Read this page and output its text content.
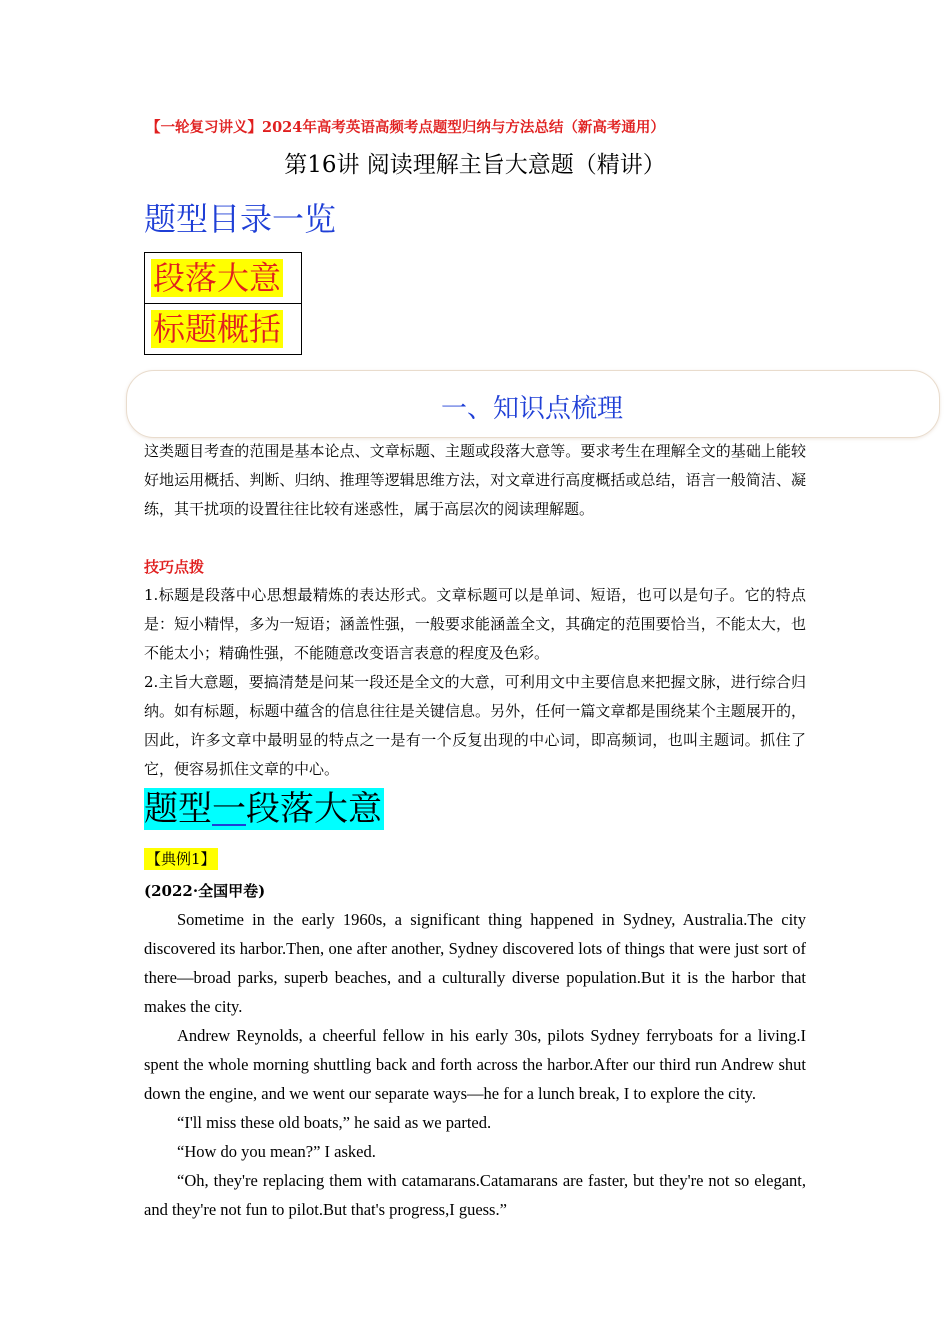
【一轮复习讲义】2024年高考英语高频考点题型归纳与方法总结（新高考通用）
第16讲 阅读理解主旨大意题（精讲）
题型目录一览
段落大意
标题概括
一、知识点梳理
这类题目考查的范围是基本论点、文章标题、主题或段落大意等。要求考生在理解全文的基础上能较好地运用概括、判断、归纳、推理等逻辑思维方法，对文章进行高度概括或总结，语言一般简洁、凝练，其干扰项的设置往往比较有迷惑性，属于高层次的阅读理解题。
技巧点拨
1.标题是段落中心思想最精炼的表达形式。文章标题可以是单词、短语，也可以是句子。它的特点是：短小精悍，多为一短语；涵盖性强，一般要求能涵盖全文，其确定的范围要恰当，不能太大，也不能太小；精确性强，不能随意改变语言表意的程度及色彩。
2.主旨大意题，要搞清楚是问某一段还是全文的大意，可利用文中主要信息来把握文脉，进行综合归纳。如有标题，标题中蕴含的信息往往是关键信息。另外，任何一篇文章都是围绕某个主题展开的，因此，许多文章中最明显的特点之一是有一个反复出现的中心词，即高频词，也叫主题词。抓住了它，便容易抓住文章的中心。
题型一段落大意
【典例1】
(2022·全国甲卷)
Sometime in the early 1960s, a significant thing happened in Sydney, Australia.The city discovered its harbor.Then, one after another, Sydney discovered lots of things that were just sort of there—broad parks, superb beaches, and a culturally diverse population.But it is the harbor that makes the city.
Andrew Reynolds, a cheerful fellow in his early 30s, pilots Sydney ferryboats for a living.I spent the whole morning shuttling back and forth across the harbor.After our third run Andrew shut down the engine, and we went our separate ways—he for a lunch break, I to explore the city.
“I'll miss these old boats,” he said as we parted.
“How do you mean?” I asked.
“Oh, they're replacing them with catamarans.Catamarans are faster, but they're not so elegant, and they're not fun to pilot.But that's progress,I guess.”
